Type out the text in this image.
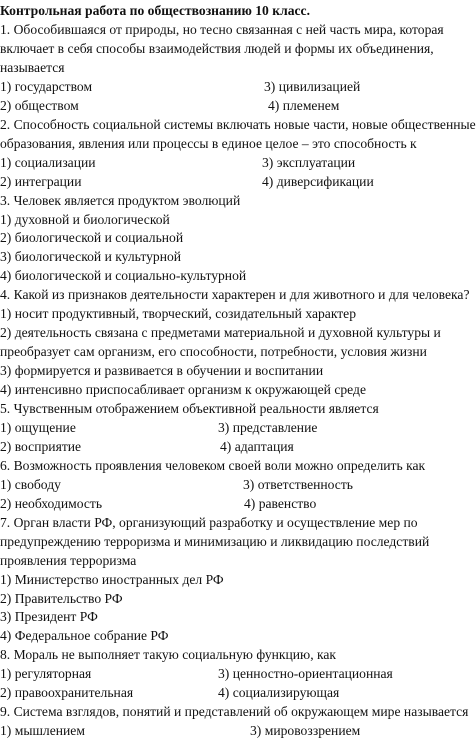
Контрольная работа по обществознанию 10 класс.
1. Обособившаяся от природы, но тесно связанная с ней часть мира, которая
включает в себя способы взаимодействия людей и формы их объединения,
называется
1) государством	3) цивилизацией
2) обществом	4) племенем
2. Способность социальной системы включать новые части, новые общественные
образования, явления или процессы в единое целое – это способность к
1) социализации	3) эксплуатации
2) интеграции	4) диверсификации
3. Человек является продуктом эволюций
1) духовной и биологической
2) биологической и социальной
3) биологической и культурной
4) биологической и социально-культурной
4. Какой из признаков деятельности характерен и для животного и для человека?
1) носит продуктивный, творческий, созидательный характер
2) деятельность связана с предметами материальной и духовной культуры и
преобразует сам организм, его способности, потребности, условия жизни
3) формируется и развивается в обучении и воспитании
4) интенсивно приспосабливает организм к окружающей среде
5. Чувственным отображением объективной реальности является
1) ощущение	3) представление
2) восприятие	4) адаптация
6. Возможность проявления человеком своей воли можно определить как
1) свободу	3) ответственность
2) необходимость	4) равенство
7. Орган власти РФ, организующий разработку и осуществление мер по
предупреждению терроризма и минимизацию и ликвидацию последствий
проявления терроризма
1) Министерство иностранных дел РФ
2) Правительство РФ
3) Президент РФ
4) Федеральное собрание РФ
8. Мораль не выполняет такую социальную функцию, как
1) регуляторная	3) ценностно-ориентационная
2) правоохранительная	4) социализирующая
9. Система взглядов, понятий и представлений об окружающем мире называется
1) мышлением	3) мировоззрением
